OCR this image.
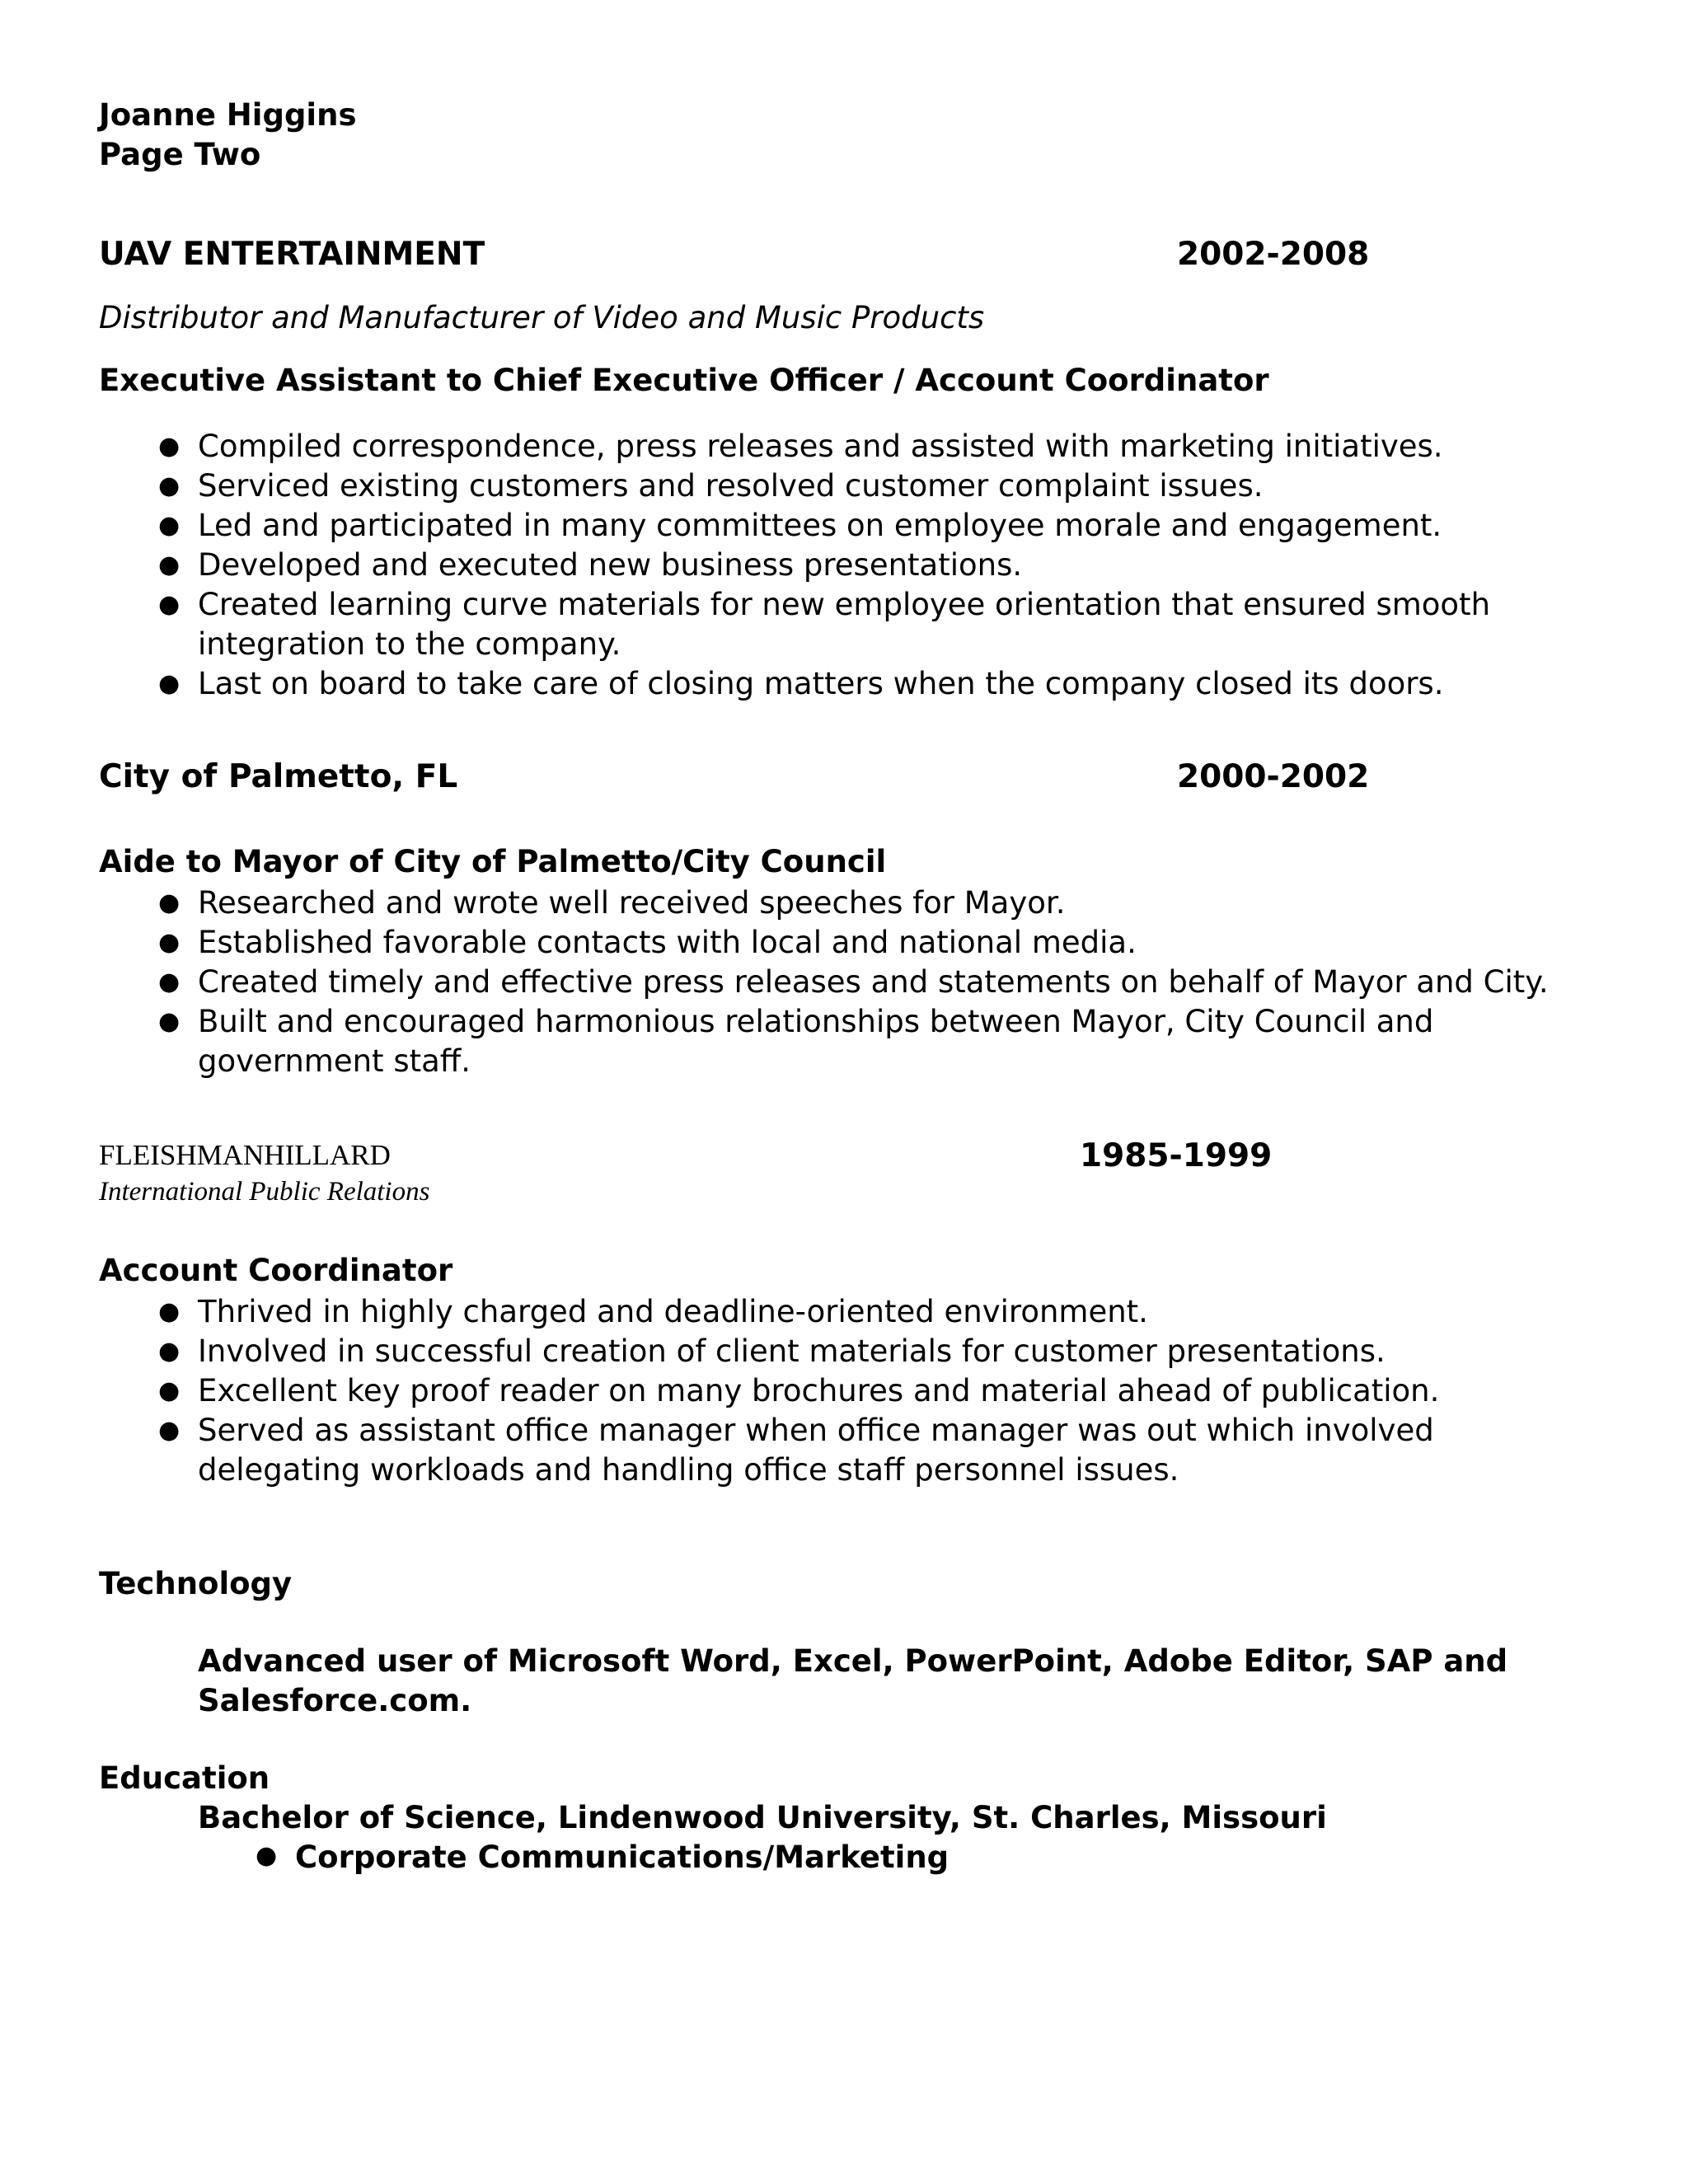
Joanne Higgins
Page Two
UAV ENTERTAINMENT	2002-2008
Distributor and Manufacturer of Video and Music Products
Executive Assistant to Chief Executive Officer / Account Coordinator
● Compiled correspondence, press releases and assisted with marketing initiatives.
● Serviced existing customers and resolved customer complaint issues.
● Led and participated in many committees on employee morale and engagement.
● Developed and executed new business presentations.
● Created learning curve materials for new employee orientation that ensured smooth
integration to the company.
● Last on board to take care of closing matters when the company closed its doors.
City of Palmetto, FL	2000-2002
Aide to Mayor of City of Palmetto/City Council
● Researched and wrote well received speeches for Mayor.
● Established favorable contacts with local and national media.
● Created timely and effective press releases and statements on behalf of Mayor and City.
● Built and encouraged harmonious relationships between Mayor, City Council and
government staff.
FLEISHMANHILLARD	1985-1999
International Public Relations
Account Coordinator
● Thrived in highly charged and deadline-oriented environment.
● Involved in successful creation of client materials for customer presentations.
● Excellent key proof reader on many brochures and material ahead of publication.
● Served as assistant office manager when office manager was out which involved
delegating workloads and handling office staff personnel issues.
Technology
Advanced user of Microsoft Word, Excel, PowerPoint, Adobe Editor, SAP and
Salesforce.com.
Education
Bachelor of Science, Lindenwood University, St. Charles, Missouri
● Corporate Communications/Marketing
